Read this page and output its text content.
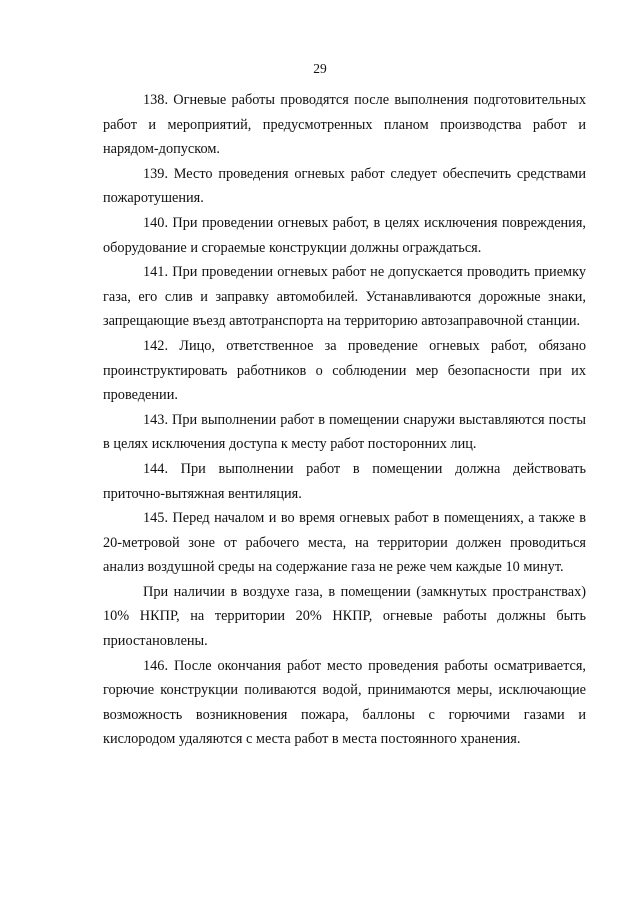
29

138. Огневые работы проводятся после выполнения подготовительных работ и мероприятий, предусмотренных планом производства работ и нарядом-допуском.

139. Место проведения огневых работ следует обеспечить средствами пожаротушения.

140. При проведении огневых работ, в целях исключения повреждения, оборудование и сгораемые конструкции должны ограждаться.

141. При проведении огневых работ не допускается проводить приемку газа, его слив и заправку автомобилей. Устанавливаются дорожные знаки, запрещающие въезд автотранспорта на территорию автозаправочной станции.

142. Лицо, ответственное за проведение огневых работ, обязано проинструктировать работников о соблюдении мер безопасности при их проведении.

143. При выполнении работ в помещении снаружи выставляются посты в целях исключения доступа к месту работ посторонних лиц.

144. При выполнении работ в помещении должна действовать приточно-вытяжная вентиляция.

145. Перед началом и во время огневых работ в помещениях, а также в 20-метровой зоне от рабочего места, на территории должен проводиться анализ воздушной среды на содержание газа не реже чем каждые 10 минут.

При наличии в воздухе газа, в помещении (замкнутых пространствах) 10% НКПР, на территории 20% НКПР, огневые работы должны быть приостановлены.

146. После окончания работ место проведения работы осматривается, горючие конструкции поливаются водой, принимаются меры, исключающие возможность возникновения пожара, баллоны с горючими газами и кислородом удаляются с места работ в места постоянного хранения.
